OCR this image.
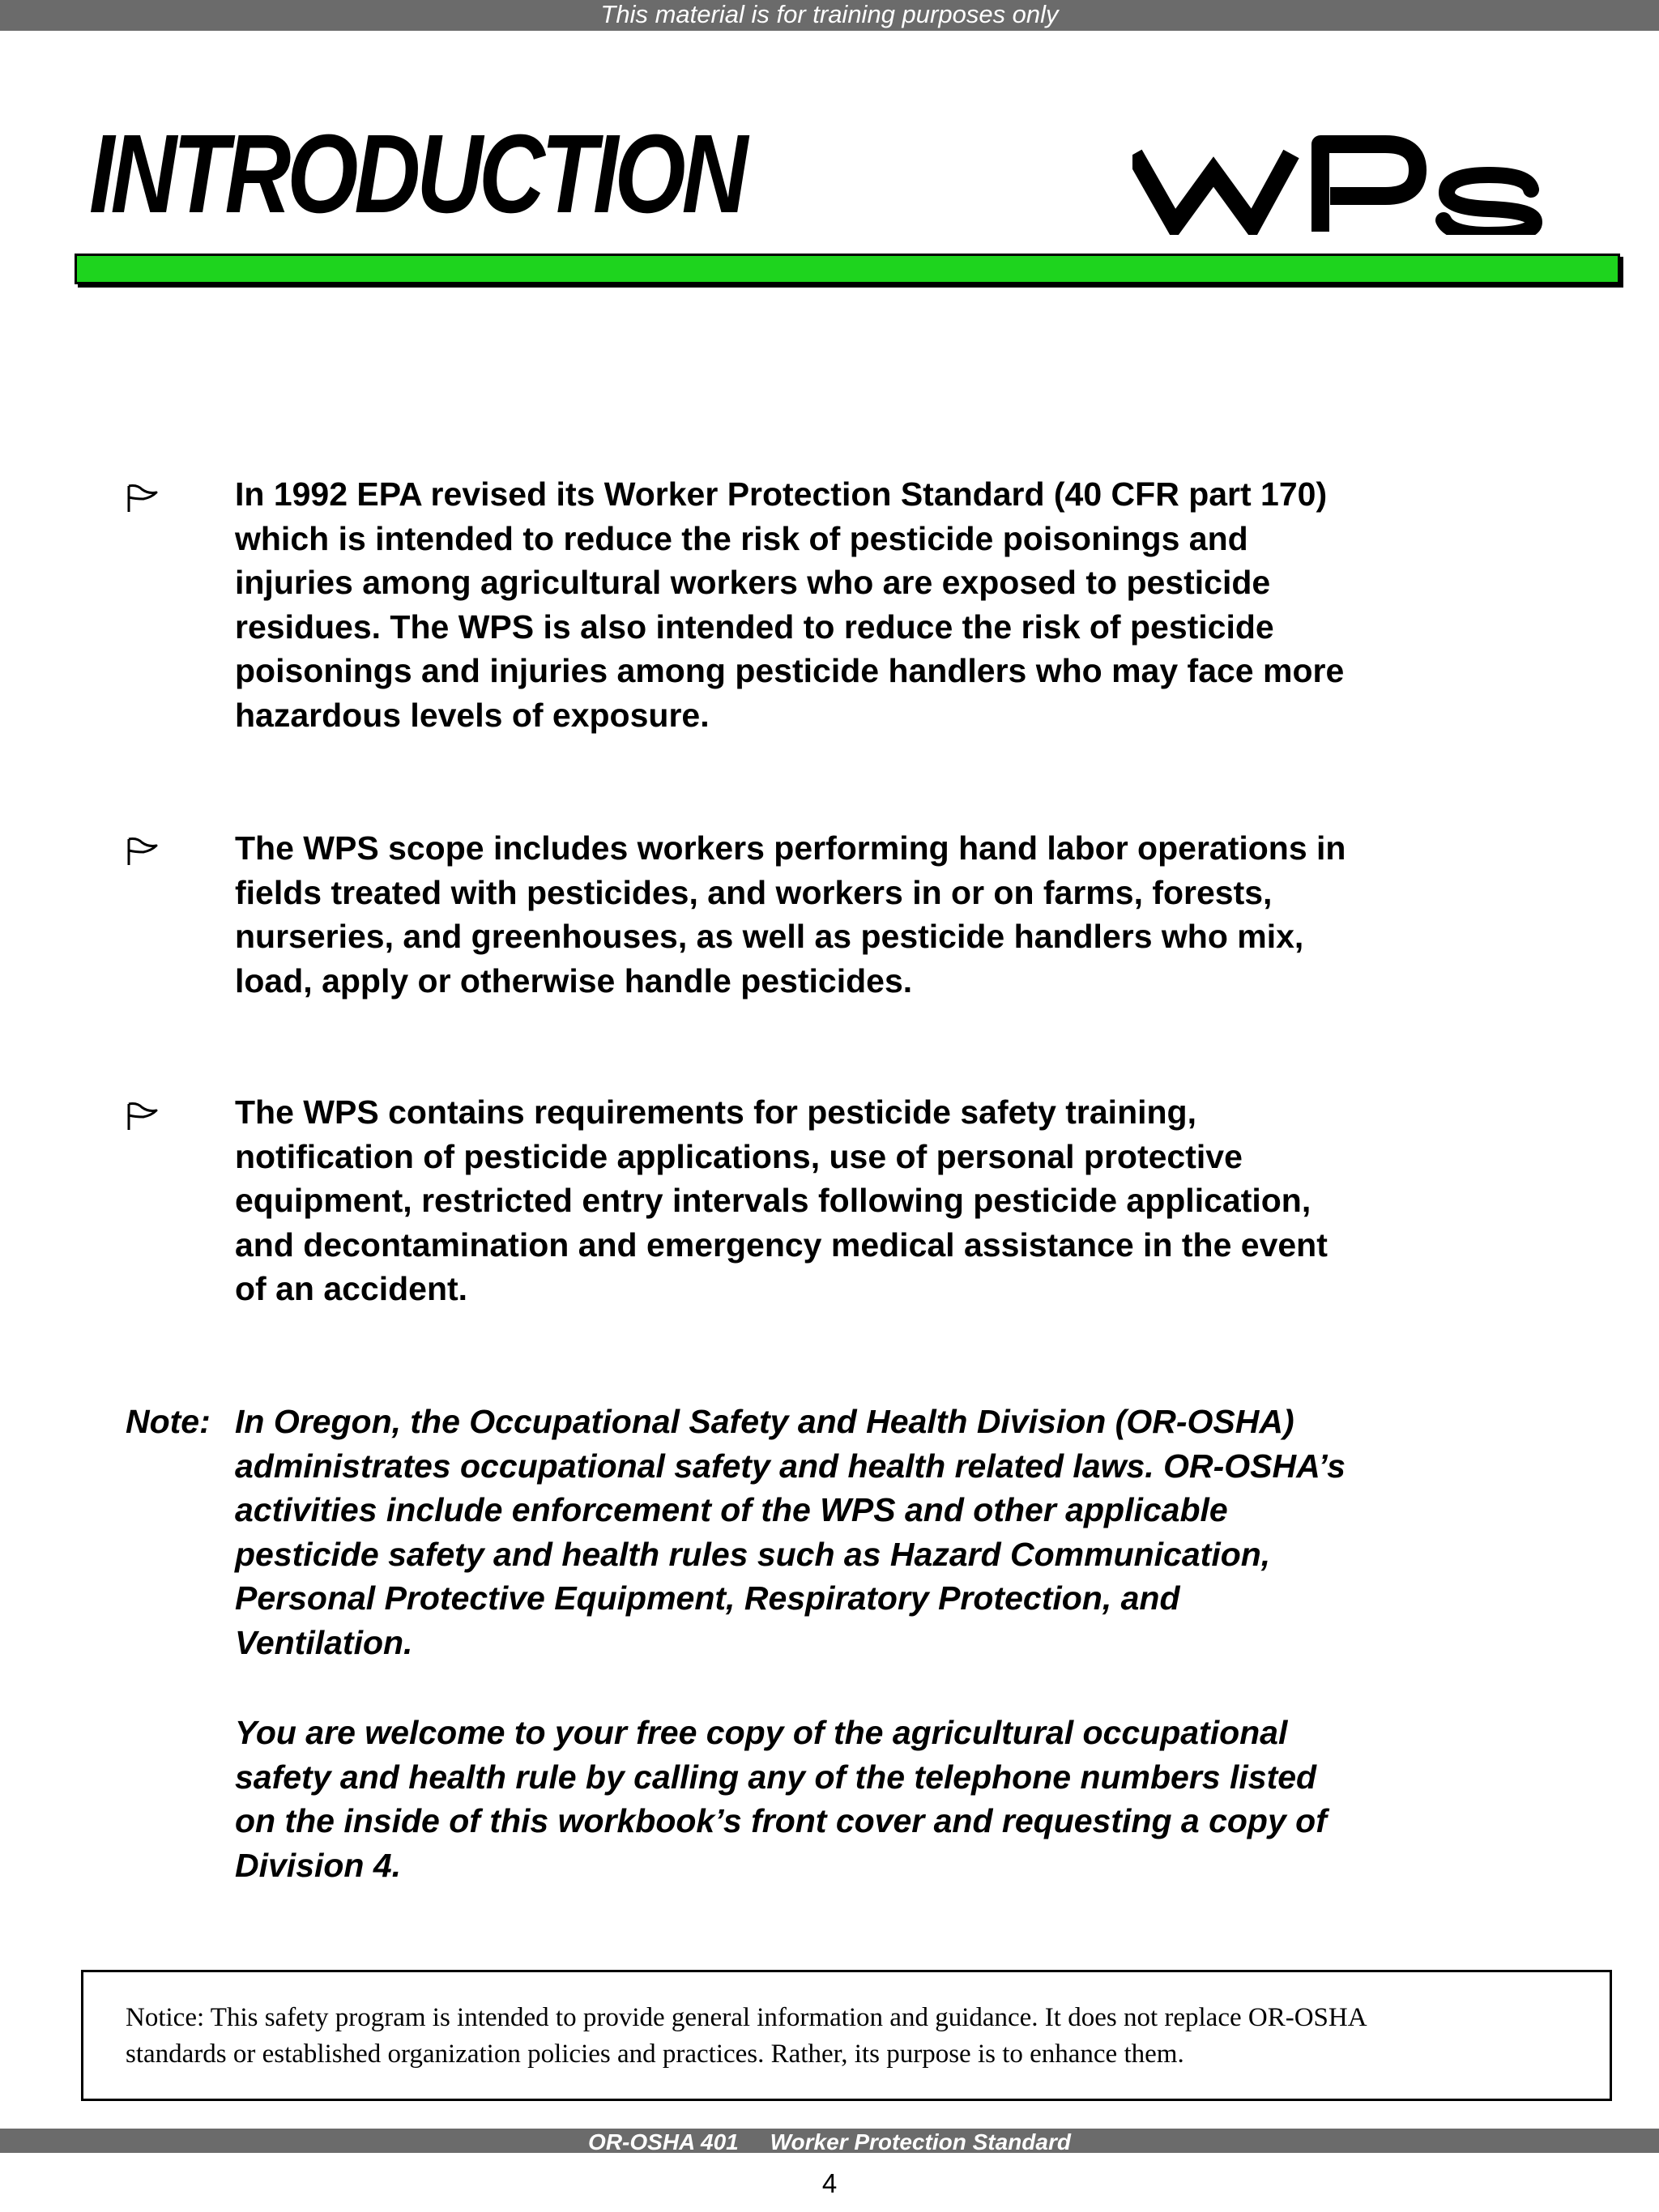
This material is for training purposes only
INTRODUCTION

In 1992 EPA revised its Worker Protection Standard (40 CFR part 170)
which is intended to reduce the risk of pesticide poisonings and
injuries among agricultural workers who are exposed to pesticide
residues. The WPS is also intended to reduce the risk of pesticide
poisonings and injuries among pesticide handlers who may face more
hazardous levels of exposure.

The WPS scope includes workers performing hand labor operations in
fields treated with pesticides, and workers in or on farms, forests,
nurseries, and greenhouses, as well as pesticide handlers who mix,
load, apply or otherwise handle pesticides.

The WPS contains requirements for pesticide safety training,
notification of pesticide applications, use of personal protective
equipment, restricted entry intervals following pesticide application,
and decontamination and emergency medical assistance in the event
of an accident.

Note: In Oregon, the Occupational Safety and Health Division (OR-OSHA)
administrates occupational safety and health related laws. OR-OSHA’s
activities include enforcement of the WPS and other applicable
pesticide safety and health rules such as Hazard Communication,
Personal Protective Equipment, Respiratory Protection, and
Ventilation.
You are welcome to your free copy of the agricultural occupational
safety and health rule by calling any of the telephone numbers listed
on the inside of this workbook’s front cover and requesting a copy of
Division 4.
Notice: This safety program is intended to provide general information and guidance. It does not replace OR-OSHA
standards or established organization policies and practices. Rather, its purpose is to enhance them.
OR-OSHA 401     Worker Protection Standard
4
